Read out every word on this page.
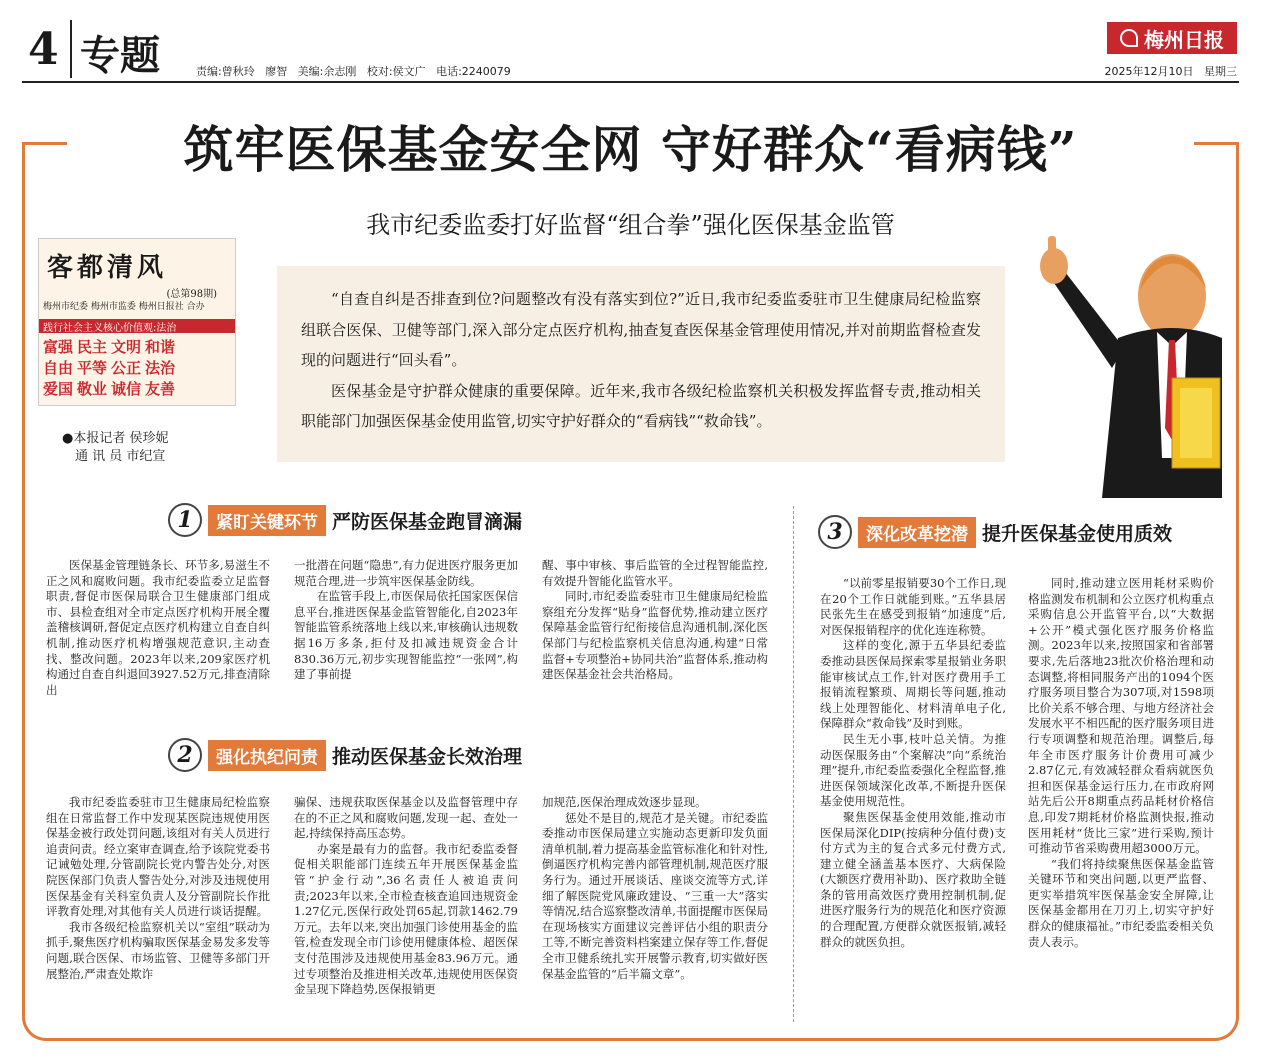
4 专题	责编:曾秋玲   廖智   美编:余志刚   校对:侯文广   电话:2240079
梅州日报
2025年12月10日   星期三
筑牢医保基金安全网 守好群众“看病钱”
我市纪委监委打好监督“组合拳”强化医保基金监管
客都清风
(总第98期)
梅州市纪委 梅州市监委 梅州日报社 合办
践行社会主义核心价值观:法治
富强 民主 文明 和谐
自由 平等 公正 法治
爱国 敬业 诚信 友善
●本报记者 侯珍妮
通 讯 员 市纪宣

“自查自纠是否排查到位?问题整改有没有落实到位?”近日,我市纪委监委驻市卫生健康局纪检监察组联合医保、卫健等部门,深入部分定点医疗机构,抽查复查医保基金管理使用情况,并对前期监督检查发现的问题进行“回头看”。

医保基金是守护群众健康的重要保障。近年来,我市各级纪检监察机关积极发挥监督专责,推动相关职能部门加强医保基金使用监管,切实守护好群众的“看病钱”“救命钱”。

1	紧盯关键环节 严防医保基金跑冒滴漏

医保基金管理链条长、环节多,易滋生不正之风和腐败问题。我市纪委监委立足监督职责,督促市医保局联合卫生健康部门组成市、县检查组对全市定点医疗机构开展全覆盖稽核调研,督促定点医疗机构建立自查自纠机制,推动医疗机构增强规范意识,主动查找、整改问题。2023年以来,209家医疗机构通过自查自纠退回3927.52万元,排查清除出

一批潜在问题“隐患”,有力促进医疗服务更加规范合理,进一步筑牢医保基金防线。

在监管手段上,市医保局依托国家医保信息平台,推进医保基金监管智能化,自2023年智能监管系统落地上线以来,审核确认违规数据16万多条,拒付及扣减违规资金合计830.36万元,初步实现智能监控“一张网”,构建了事前提

醒、事中审核、事后监管的全过程智能监控,有效提升智能化监管水平。

同时,市纪委监委驻市卫生健康局纪检监察组充分发挥“贴身”监督优势,推动建立医疗保障基金监管行纪衔接信息沟通机制,深化医保部门与纪检监察机关信息沟通,构建“日常监督+专项整治+协同共治”监督体系,推动构建医保基金社会共治格局。

2	强化执纪问责 推动医保基金长效治理

我市纪委监委驻市卫生健康局纪检监察组在日常监督工作中发现某医院违规使用医保基金被行政处罚问题,该组对有关人员进行追责问责。经立案审查调查,给予该院党委书记诫勉处理,分管副院长党内警告处分,对医院医保部门负责人警告处分,对涉及违规使用医保基金有关科室负责人及分管副院长作批评教育处理,对其他有关人员进行谈话提醒。

我市各级纪检监察机关以“室组”联动为抓手,聚焦医疗机构骗取医保基金易发多发等问题,联合医保、市场监管、卫健等多部门开展整治,严肃查处欺诈

骗保、违规获取医保基金以及监督管理中存在的不正之风和腐败问题,发现一起、查处一起,持续保持高压态势。

办案是最有力的监督。我市纪委监委督促相关职能部门连续五年开展医保基金监管“护金行动”,36名责任人被追责问责;2023年以来,全市检查核查追回违规资金1.27亿元,医保行政处罚65起,罚款1462.79万元。去年以来,突出加强门诊使用基金的监管,检查发现全市门诊使用健康体检、超医保支付范围涉及违规使用基金83.96万元。通过专项整治及推进相关改革,违规使用医保资金呈现下降趋势,医保报销更

加规范,医保治理成效逐步显现。

惩处不是目的,规范才是关键。市纪委监委推动市医保局建立实施动态更新印发负面清单机制,着力提高基金监管标准化和针对性,倒逼医疗机构完善内部管理机制,规范医疗服务行为。通过开展谈话、座谈交流等方式,详细了解医院党风廉政建设、“三重一大”落实等情况,结合巡察整改清单,书面提醒市医保局在现场核实方面建议完善评估小组的职责分工等,不断完善资料档案建立保存等工作,督促全市卫健系统扎实开展警示教育,切实做好医保基金监管的“后半篇文章”。

3	深化改革挖潜 提升医保基金使用质效

“以前零星报销要30个工作日,现在20个工作日就能到账。”五华县居民张先生在感受到报销“加速度”后,对医保报销程序的优化连连称赞。

这样的变化,源于五华县纪委监委推动县医保局探索零星报销业务职能审核试点工作,针对医疗费用手工报销流程繁琐、周期长等问题,推动线上处理智能化、材料清单电子化,保障群众“救命钱”及时到账。

民生无小事,枝叶总关情。为推动医保服务由“个案解决”向“系统治理”提升,市纪委监委强化全程监督,推进医保领域深化改革,不断提升医保基金使用规范性。

聚焦医保基金使用效能,推动市医保局深化DIP(按病种分值付费)支付方式为主的复合式多元付费方式,建立健全涵盖基本医疗、大病保险(大额医疗费用补助)、医疗救助全链条的管用高效医疗费用控制机制,促进医疗服务行为的规范化和医疗资源的合理配置,方便群众就医报销,减轻群众的就医负担。

同时,推动建立医用耗材采购价格监测发布机制和公立医疗机构重点采购信息公开监管平台,以“大数据+公开”模式强化医疗服务价格监测。2023年以来,按照国家和省部署要求,先后落地23批次价格治理和动态调整,将相同服务产出的1094个医疗服务项目整合为307项,对1598项比价关系不够合理、与地方经济社会发展水平不相匹配的医疗服务项目进行专项调整和规范治理。调整后,每年全市医疗服务计价费用可减少2.87亿元,有效减轻群众看病就医负担和医保基金运行压力,在市政府网站先后公开8期重点药品耗材价格信息,印发7期耗材价格监测快报,推动医用耗材“货比三家”进行采购,预计可推动节省采购费用超3000万元。

“我们将持续聚焦医保基金监管关键环节和突出问题,以更严监督、更实举措筑牢医保基金安全屏障,让医保基金都用在刀刃上,切实守护好群众的健康福祉。”市纪委监委相关负责人表示。
